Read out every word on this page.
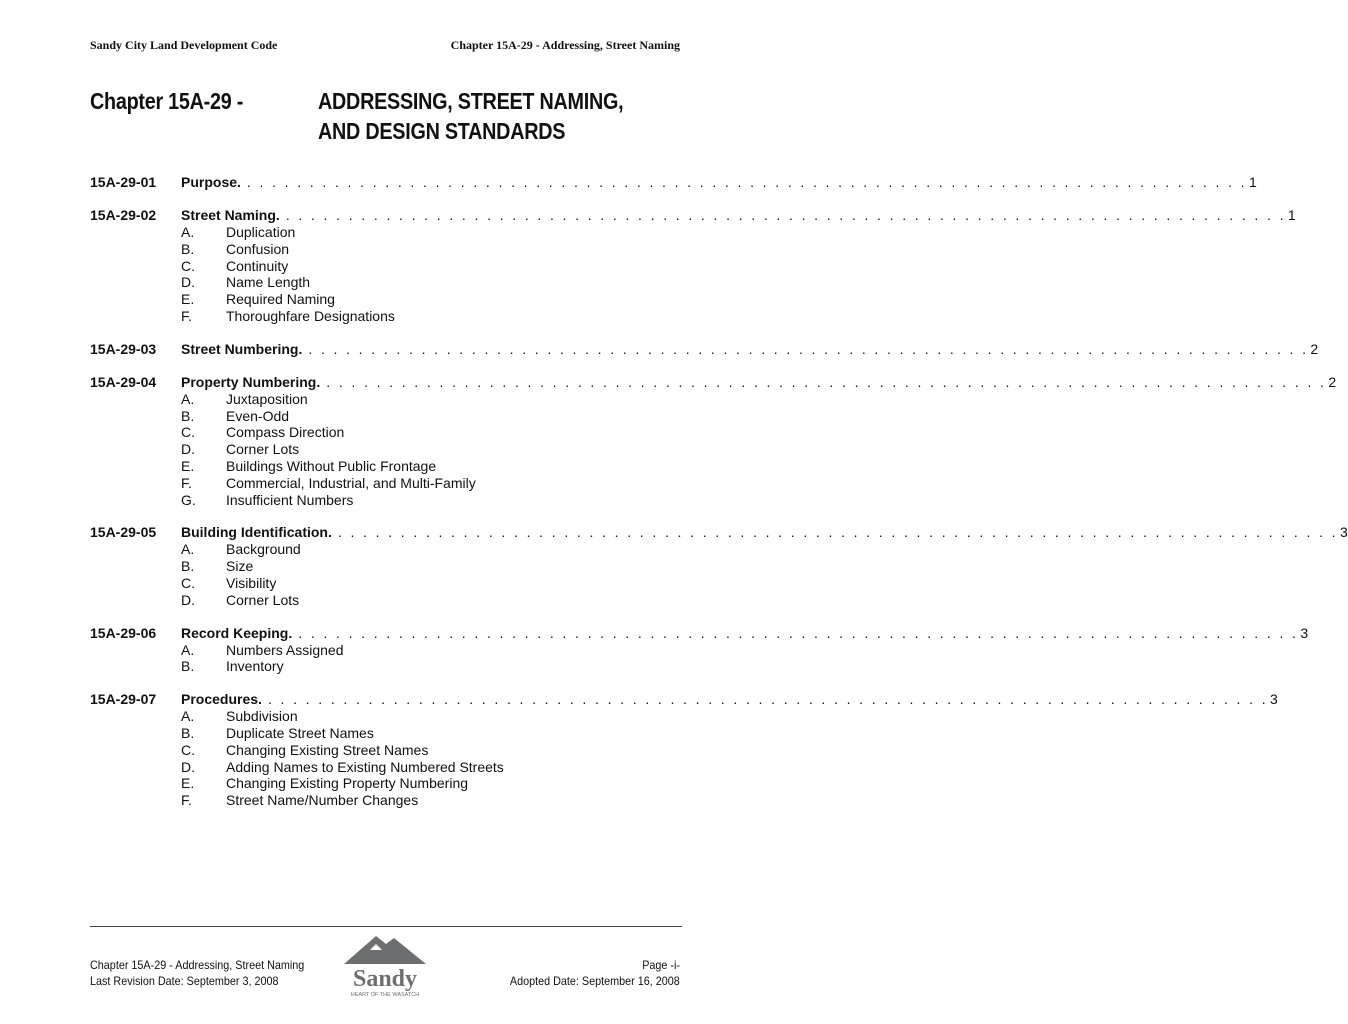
Sandy City Land Development Code	Chapter 15A-29 - Addressing, Street Naming
Chapter 15A-29 -	ADDRESSING, STREET NAMING,
AND DESIGN STANDARDS
15A-29-01 Purpose. . . . . . . . . . . . . . . . . . . . . . . . . . . . . . . . . . . . . . . . . . . . . . . . . . . . . . . . . . . . . . . . . . . . . . . . . . . . . . . . . 1
15A-29-02 Street Naming. . . . . . . . . . . . . . . . . . . . . . . . . . . . . . . . . . . . . . . . . . . . . . . . . . . . . . . . . . . . . . . . . . . . . . . . . . . . . . . . . 1
A. Duplication
B. Confusion
C. Continuity
D. Name Length
E. Required Naming
F. Thoroughfare Designations
15A-29-03 Street Numbering. . . . . . . . . . . . . . . . . . . . . . . . . . . . . . . . . . . . . . . . . . . . . . . . . . . . . . . . . . . . . . . . . . . . . . . . . . . . . . . . . 2
15A-29-04 Property Numbering. . . . . . . . . . . . . . . . . . . . . . . . . . . . . . . . . . . . . . . . . . . . . . . . . . . . . . . . . . . . . . . . . . . . . . . . . . . . . . . . . 2
A. Juxtaposition
B. Even-Odd
C. Compass Direction
D. Corner Lots
E. Buildings Without Public Frontage
F. Commercial, Industrial, and Multi-Family
G. Insufficient Numbers
15A-29-05 Building Identification. . . . . . . . . . . . . . . . . . . . . . . . . . . . . . . . . . . . . . . . . . . . . . . . . . . . . . . . . . . . . . . . . . . . . . . . . . . . . . . . . 3
A. Background
B. Size
C. Visibility
D. Corner Lots
15A-29-06 Record Keeping. . . . . . . . . . . . . . . . . . . . . . . . . . . . . . . . . . . . . . . . . . . . . . . . . . . . . . . . . . . . . . . . . . . . . . . . . . . . . . . . . 3
A. Numbers Assigned
B. Inventory
15A-29-07 Procedures. . . . . . . . . . . . . . . . . . . . . . . . . . . . . . . . . . . . . . . . . . . . . . . . . . . . . . . . . . . . . . . . . . . . . . . . . . . . . . . . . 3
A. Subdivision
B. Duplicate Street Names
C. Changing Existing Street Names
D. Adding Names to Existing Numbered Streets
E. Changing Existing Property Numbering
F. Street Name/Number Changes
Chapter 15A-29 - Addressing, Street Naming
Last Revision Date: September 3, 2008
Page -i-
Adopted Date: September 16, 2008
Sandy
HEART OF THE WASATCH
